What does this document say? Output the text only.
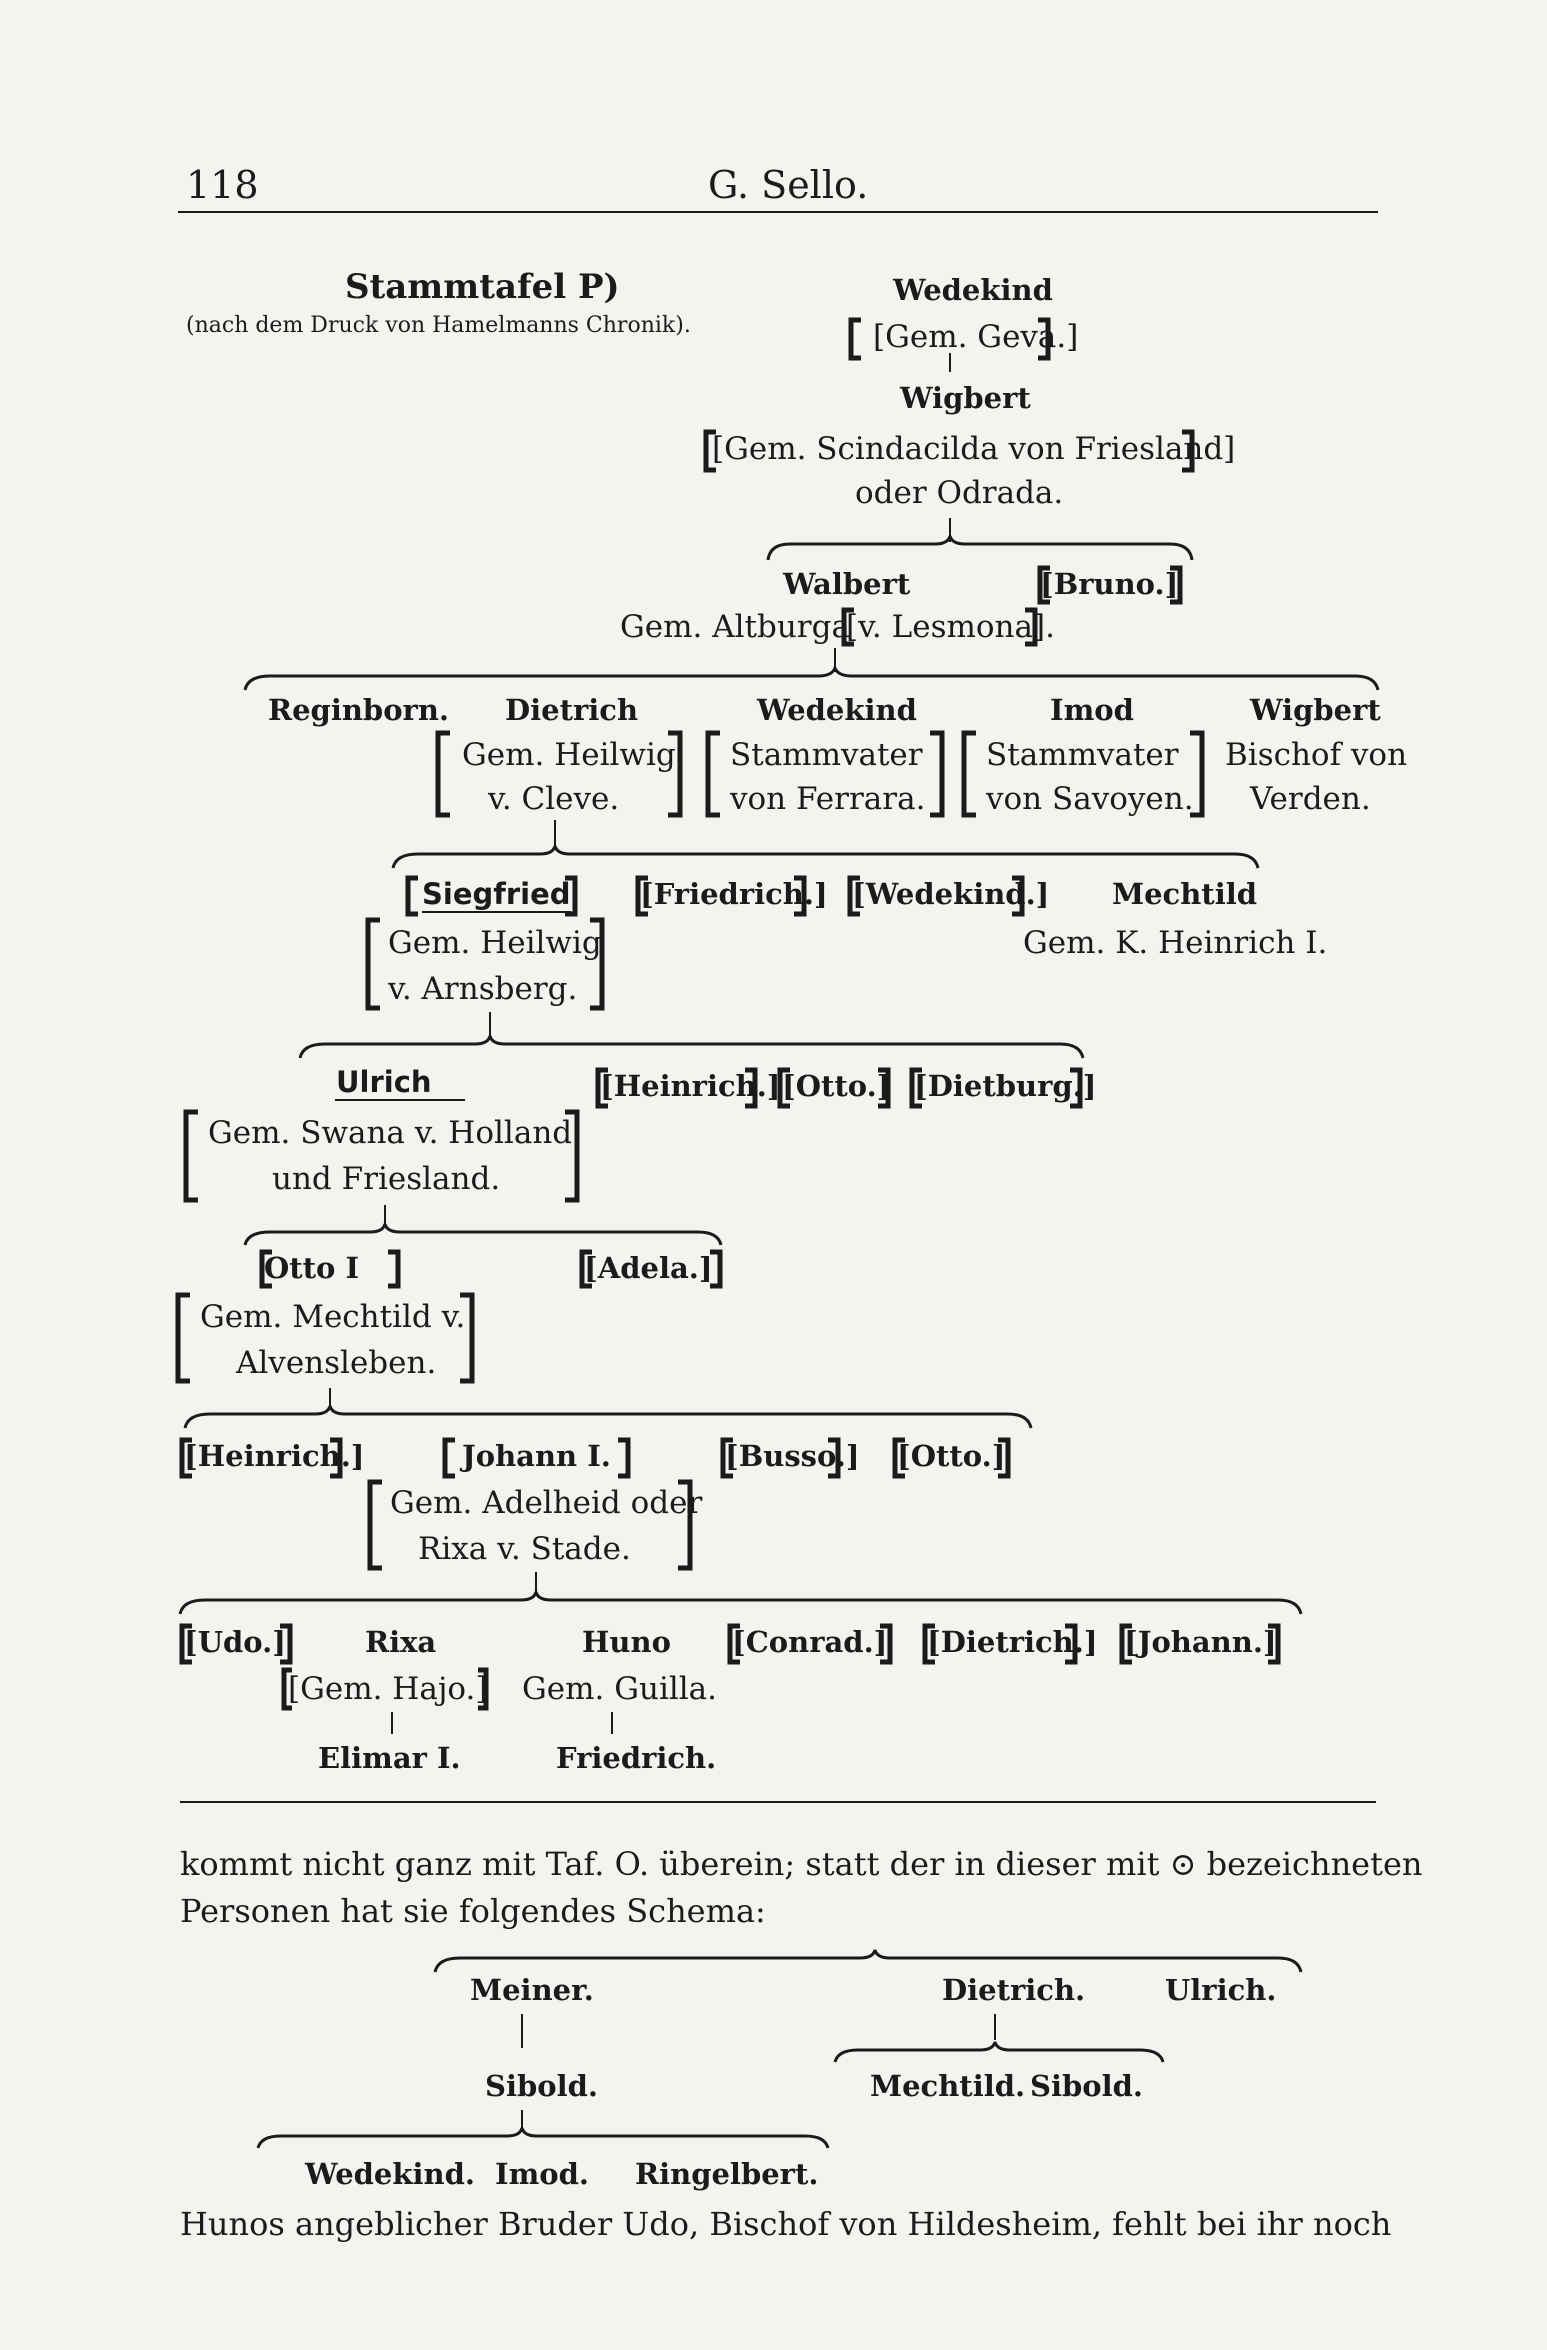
118	G. Sello.
Stammtafel P)
(nach dem Druck von Hamelmanns Chronik).
Wedekind
[Gem. Geva.]
Wigbert
[Gem. Scindacilda von Friesland]
oder Odrada.
Walbert	[Bruno.]
Gem. Altburga
[v. Lesmona].
Reginborn. Dietrich
Gem. Heilwig
v. Cleve.
Wedekind
Stammvater
von Ferrara.
Imod
Stammvater
von Savoyen.
Wigbert
Bischof von
Verden.
Siegfried [Friedrich.] [Wedekind.] Mechtild
Gem. Heilwig
v. Arnsberg.
Gem. K. Heinrich I.
Ulrich	[Heinrich.] [Otto.] [Dietburg.]
Gem. Swana v. Holland
und Friesland.
Otto I	[Adela.]
Gem. Mechtild v.
Alvensleben.
[Heinrich.]	Johann I.	[Busso.] [Otto.]
Gem. Adelheid oder
Rixa v. Stade.
[Udo.]	Rixa
[Gem. Hajo.]
Huno
Gem. Guilla.
[Conrad.] [Dietrich.] [Johann.]
Elimar I.	Friedrich.
kommt nicht ganz mit Taf. O. überein; statt der in dieser mit ⊙ bezeichneten
Personen hat sie folgendes Schema:
Meiner.	Dietrich.	Ulrich.
Sibold.	Mechtild. Sibold.
Wedekind. Imod. Ringelbert.
Hunos angeblicher Bruder Udo, Bischof von Hildesheim, fehlt bei ihr noch
